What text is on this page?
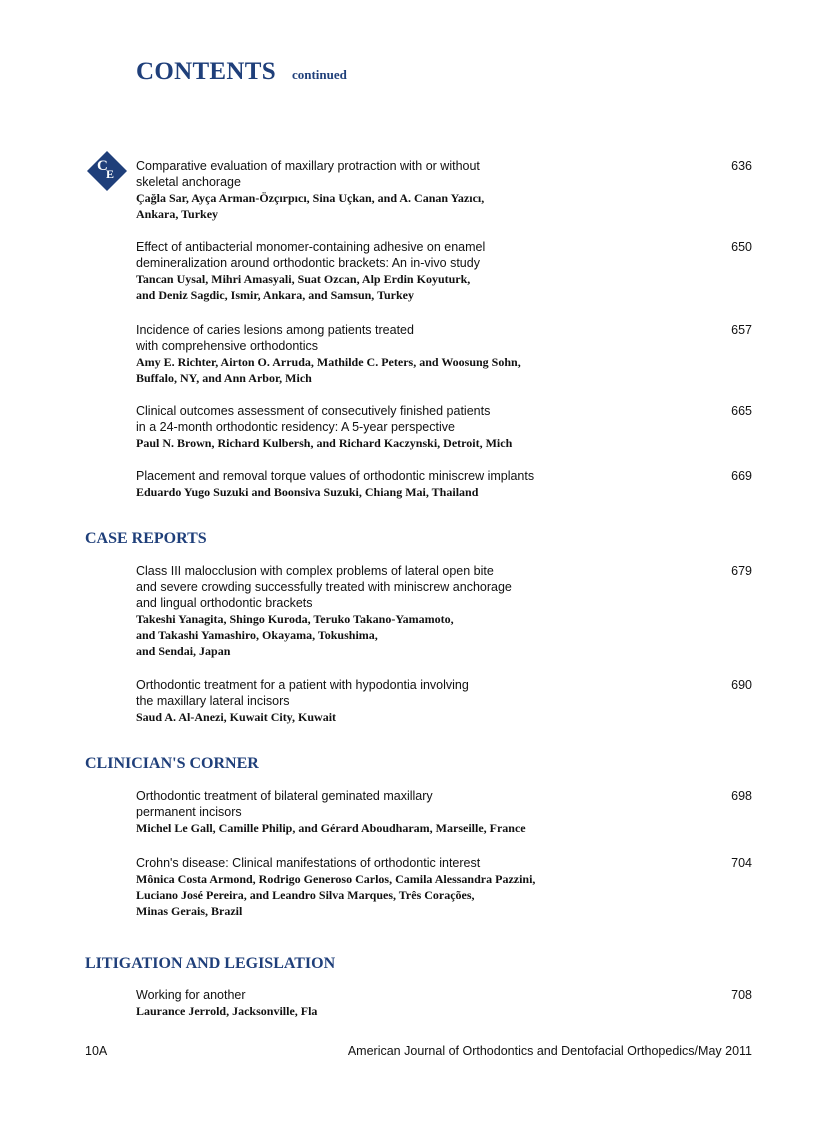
CONTENTS continued
C
E
Comparative evaluation of maxillary protraction with or without
skeletal anchorage
Çağla Sar, Ayça Arman-Özçırpıcı, Sina Uçkan, and A. Canan Yazıcı,
Ankara, Turkey
636
Effect of antibacterial monomer-containing adhesive on enamel
demineralization around orthodontic brackets: An in-vivo study
Tancan Uysal, Mihri Amasyali, Suat Ozcan, Alp Erdin Koyuturk,
and Deniz Sagdic, Ismir, Ankara, and Samsun, Turkey
650
Incidence of caries lesions among patients treated
with comprehensive orthodontics
Amy E. Richter, Airton O. Arruda, Mathilde C. Peters, and Woosung Sohn,
Buffalo, NY, and Ann Arbor, Mich
657
Clinical outcomes assessment of consecutively finished patients
in a 24-month orthodontic residency: A 5-year perspective
Paul N. Brown, Richard Kulbersh, and Richard Kaczynski, Detroit, Mich
665
Placement and removal torque values of orthodontic miniscrew implants
Eduardo Yugo Suzuki and Boonsiva Suzuki, Chiang Mai, Thailand
669
CASE REPORTS
Class III malocclusion with complex problems of lateral open bite
and severe crowding successfully treated with miniscrew anchorage
and lingual orthodontic brackets
Takeshi Yanagita, Shingo Kuroda, Teruko Takano-Yamamoto,
and Takashi Yamashiro, Okayama, Tokushima,
and Sendai, Japan
679
Orthodontic treatment for a patient with hypodontia involving
the maxillary lateral incisors
Saud A. Al-Anezi, Kuwait City, Kuwait
690
CLINICIAN'S CORNER
Orthodontic treatment of bilateral geminated maxillary
permanent incisors
Michel Le Gall, Camille Philip, and Gérard Aboudharam, Marseille, France
698
Crohn's disease: Clinical manifestations of orthodontic interest
Mônica Costa Armond, Rodrigo Generoso Carlos, Camila Alessandra Pazzini,
Luciano José Pereira, and Leandro Silva Marques, Três Corações,
Minas Gerais, Brazil
704
LITIGATION AND LEGISLATION
Working for another
Laurance Jerrold, Jacksonville, Fla
708
10A	American Journal of Orthodontics and Dentofacial Orthopedics/May 2011
